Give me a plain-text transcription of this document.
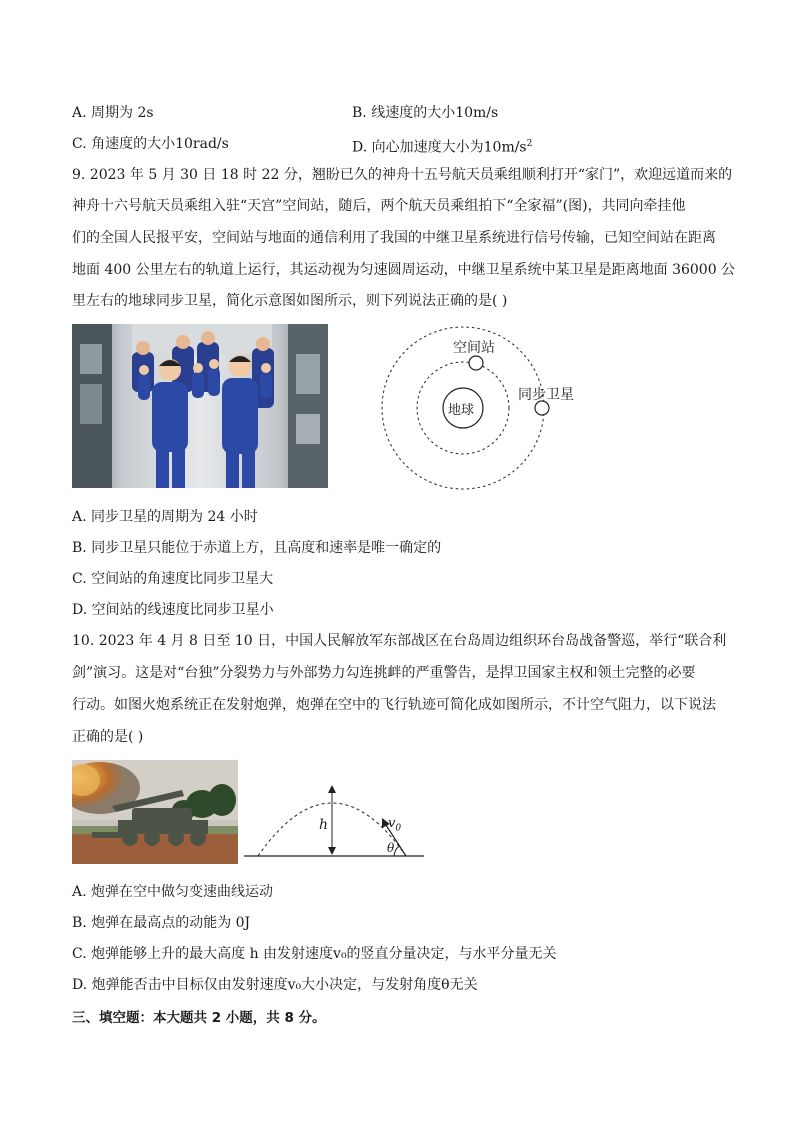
A. 周期为 2s	B. 线速度的大小10m/s
C. 角速度的大小10rad/s	D. 向心加速度大小为$10m/s^2$
9. 2023 年 5 月 30 日 18 时 22 分，翘盼已久的神舟十五号航天员乘组顺利打开“家门”，欢迎远道而来的
神舟十六号航天员乘组入驻“天宫”空间站，随后，两个航天员乘组拍下“全家福”(图)，共同向牵挂他
们的全国人民报平安，空间站与地面的通信利用了我国的中继卫星系统进行信号传输，已知空间站在距离
地面 400 公里左右的轨道上运行，其运动视为匀速圆周运动，中继卫星系统中某卫星是距离地面 36000 公
里左右的地球同步卫星，简化示意图如图所示，则下列说法正确的是( )
空间站
地球
同步卫星
A. 同步卫星的周期为 24 小时
B. 同步卫星只能位于赤道上方，且高度和速率是唯一确定的
C. 空间站的角速度比同步卫星大
D. 空间站的线速度比同步卫星小
10. 2023 年 4 月 8 日至 10 日，中国人民解放军东部战区在台岛周边组织环台岛战备警巡，举行“联合利
剑”演习。这是对“台独”分裂势力与外部势力勾连挑衅的严重警告，是捍卫国家主权和领土完整的必要
行动。如图火炮系统正在发射炮弹，炮弹在空中的飞行轨迹可简化成如图所示，不计空气阻力，以下说法
正确的是( )
h	$v_0$
θ
A. 炮弹在空中做匀变速曲线运动
B. 炮弹在最高点的动能为 0J
C. 炮弹能够上升的最大高度 h 由发射速度v₀的竖直分量决定，与水平分量无关
D. 炮弹能否击中目标仅由发射速度v₀大小决定，与发射角度θ无关
三、填空题：本大题共 2 小题，共 8 分。
